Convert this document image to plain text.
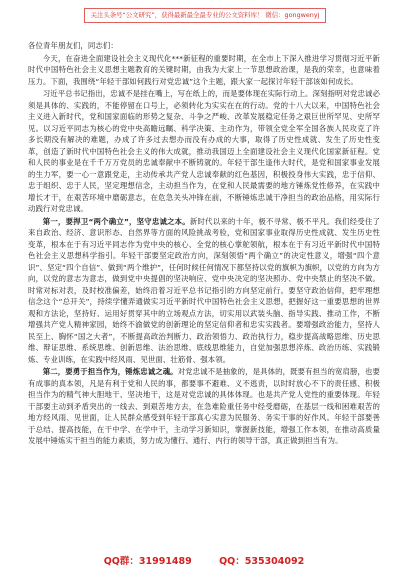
关注头条号“公文研究”，获得最新最全最专业的公文资料库！ 微信：gongwenyj

各位青年朋友们，同志们：

今天，在奋进全面建设社会主义现代化***新征程的重要时期，在全市上下深入推进学习贯彻习近平新时代中国特色社会主义思想主题教育的关键时期，由我为大家上一节思想政治课，是我的荣幸，也意味着压力。下面，我围绕“年轻干部如何践行对党忠诚”这个主题，跟大家一起探讨年轻干部该如何成长。

习近平总书记指出，忠诚不是挂在嘴上，写在纸上的，而是要体现在实际行动上。深刻指明对党忠诚必须是具体的、实践的，不能停留在口号上，必须转化为实实在在的行动。党的十八大以来，中国特色社会主义进入新时代，党和国家面临的形势之复杂、斗争之严峻、改革发展稳定任务之艰巨世所罕见、史所罕见。以习近平同志为核心的党中央高瞻远瞩、科学决策、主动作为，带领全党全军全国各族人民攻克了许多长期没有解决的难题，办成了许多过去想办而没有办成的大事，取得了历史性成就、发生了历史性变革，创造了新时代中国特色社会主义的伟大成就，推动我国迈上全面建设社会主义现代化国家新征程。党和人民的事业是在千千万万党员的忠诚奉献中不断铸就的。年轻干部生逢伟大时代，是党和国家事业发展的生力军，要一心一意跟党走，主动传承共产党人忠诚奉献的红色基因，积极投身伟大实践，忠于信仰、忠于组织、忠于人民，坚定理想信念，主动担当作为，在党和人民最需要的地方锤炼党性修养，在实践中增长才干，在艰苦环境中磨砺意志，在危急关头冲锋在前，不断锤炼忠诚干净担当的政治品格，用实际行动践行对党忠诚。

第一，要捍卫“两个确立”，坚守忠诚之本。新时代以来的十年，极不寻常、极不平凡。我们经受住了来自政治、经济、意识形态、自然界等方面的风险挑战考验，党和国家事业取得历史性成就、发生历史性变革，根本在于有习近平同志作为党中央的核心、全党的核心掌舵领航，根本在于有习近平新时代中国特色社会主义思想科学指引。年轻干部要坚定政治方向，深刻领悟“两个确立”的决定性意义，增强“四个意识”、坚定“四个自信”、做到“两个维护”，任何时候任何情况下都坚持以党的旗帜为旗帜，以党的方向为方向，以党的意志为意志，做到党中央提倡的坚决响应、党中央决定的坚决照办、党中央禁止的坚决不做。时常对标对表，及时校准偏差，始终沿着习近平总书记指引的方向坚定前行。要坚守政治信仰，把牢理想信念这个“总开关”，持续学懂弄通做实习近平新时代中国特色社会主义思想，把握好这一重要思想的世界观和方法论，坚持好、运用好贯穿其中的立场观点方法，切实用以武装头脑、指导实践、推动工作，不断增强共产党人精神家园，始终不渝做党的创新理论的坚定信仰者和忠实实践者。要增强政治能力，坚持人民至上、胸怀“国之大者”，不断提高政治判断力、政治领悟力、政治执行力，稳步提高战略思维、历史思维、辩证思维、系统思维、创新思维、法治思维、底线思维能力，自觉加强思想淬炼、政治历练、实践锻炼、专业训练，在实践中经风雨、见世面、壮筋骨、强本领。

第二，要勇于担当作为，锤炼忠诚之魂。对党忠诚不是抽象的，是具体的，既要有担当的宽肩膀，也要有成事的真本领，凡是有利于党和人民的事，都要事不避难、义不逃责，以时时放心不下的责任感、积极担当作为的精气神大胆地干、坚决地干，这是对党忠诚的具体体现。也是共产党人党性的重要体现。年轻干部要主动到矛盾突出的一线去、到艰苦地方去，在急难险重任务中经受磨砺，在基层一线和困难艰苦的地方经风雨、见世面，让人民群众感受到年轻干部真心实意为民服务、务实干事的好作风。年轻干部要善于总结、提高技能，在干中学、在学中干，主动学习新知识，掌握新技能，增强工作本领，在推动高质量发展中锤炼实干担当的能力素质，努力成为懂行、通行、内行的领导干部，真正做到担当有为。

QQ群：31991489	QQ：535304092
